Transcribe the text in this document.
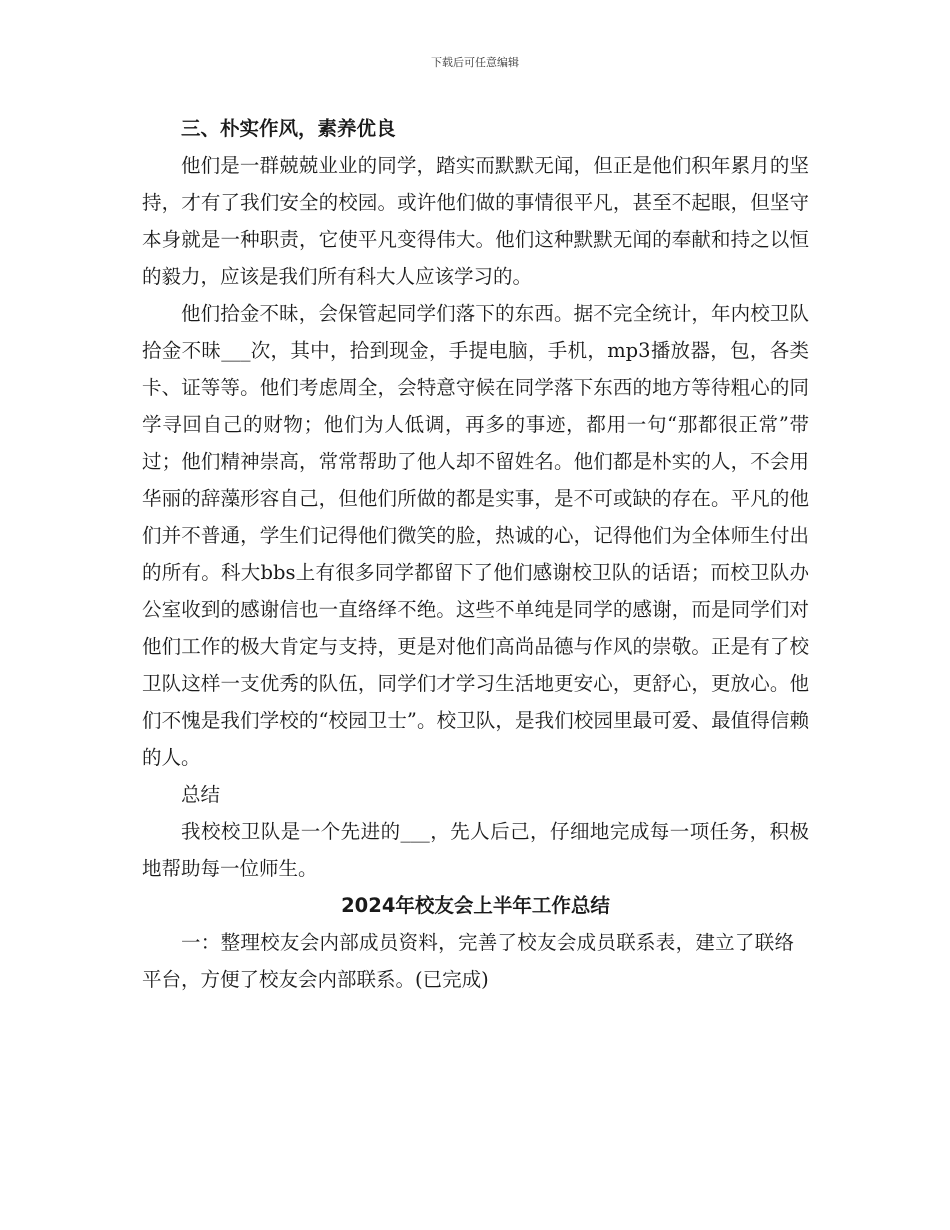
下载后可任意编辑

三、朴实作风，素养优良

他们是一群兢兢业业的同学，踏实而默默无闻，但正是他们积年累月的坚持，才有了我们安全的校园。或许他们做的事情很平凡，甚至不起眼，但坚守本身就是一种职责，它使平凡变得伟大。他们这种默默无闻的奉献和持之以恒的毅力，应该是我们所有科大人应该学习的。

他们拾金不昧，会保管起同学们落下的东西。据不完全统计，年内校卫队拾金不昧___次，其中，拾到现金，手提电脑，手机，mp3播放器，包，各类卡、证等等。他们考虑周全，会特意守候在同学落下东西的地方等待粗心的同学寻回自己的财物；他们为人低调，再多的事迹，都用一句“那都很正常”带过；他们精神崇高，常常帮助了他人却不留姓名。他们都是朴实的人，不会用华丽的辞藻形容自己，但他们所做的都是实事，是不可或缺的存在。平凡的他们并不普通，学生们记得他们微笑的脸，热诚的心，记得他们为全体师生付出的所有。科大bbs上有很多同学都留下了他们感谢校卫队的话语；而校卫队办公室收到的感谢信也一直络绎不绝。这些不单纯是同学的感谢，而是同学们对他们工作的极大肯定与支持，更是对他们高尚品德与作风的崇敬。正是有了校卫队这样一支优秀的队伍，同学们才学习生活地更安心，更舒心，更放心。他们不愧是我们学校的“校园卫士”。校卫队，是我们校园里最可爱、最值得信赖的人。

总结

我校校卫队是一个先进的___，先人后己，仔细地完成每一项任务，积极地帮助每一位师生。

2024年校友会上半年工作总结

一：整理校友会内部成员资料，完善了校友会成员联系表，建立了联络平台，方便了校友会内部联系。(已完成)
